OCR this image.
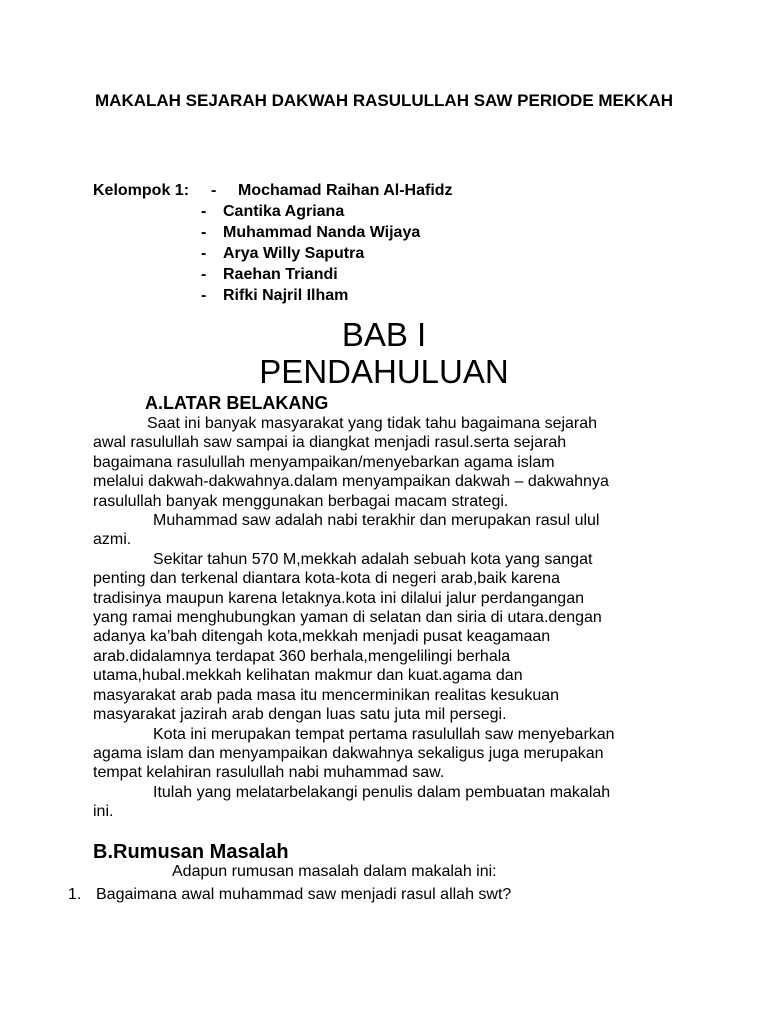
MAKALAH SEJARAH DAKWAH RASULULLAH SAW PERIODE MEKKAH
Kelompok 1: - Mochamad Raihan Al-Hafidz
- Cantika Agriana
- Muhammad Nanda Wijaya
- Arya Willy Saputra
- Raehan Triandi
- Rifki Najril Ilham
BAB I
PENDAHULUAN
A.LATAR BELAKANG
Saat ini banyak masyarakat yang tidak tahu bagaimana sejarah
awal rasulullah saw sampai ia diangkat menjadi rasul.serta sejarah
bagaimana rasulullah menyampaikan/menyebarkan agama islam
melalui dakwah-dakwahnya.dalam menyampaikan dakwah – dakwahnya
rasulullah banyak menggunakan berbagai macam strategi.
Muhammad saw adalah nabi terakhir dan merupakan rasul ulul
azmi.
Sekitar tahun 570 M,mekkah adalah sebuah kota yang sangat
penting dan terkenal diantara kota-kota di negeri arab,baik karena
tradisinya maupun karena letaknya.kota ini dilalui jalur perdangangan
yang ramai menghubungkan yaman di selatan dan siria di utara.dengan
adanya ka’bah ditengah kota,mekkah menjadi pusat keagamaan
arab.didalamnya terdapat 360 berhala,mengelilingi berhala
utama,hubal.mekkah kelihatan makmur dan kuat.agama dan
masyarakat arab pada masa itu mencerminikan realitas kesukuan
masyarakat jazirah arab dengan luas satu juta mil persegi.
Kota ini merupakan tempat pertama rasulullah saw menyebarkan
agama islam dan menyampaikan dakwahnya sekaligus juga merupakan
tempat kelahiran rasulullah nabi muhammad saw.
Itulah yang melatarbelakangi penulis dalam pembuatan makalah
ini.
B.Rumusan Masalah
Adapun rumusan masalah dalam makalah ini:
1. Bagaimana awal muhammad saw menjadi rasul allah swt?
